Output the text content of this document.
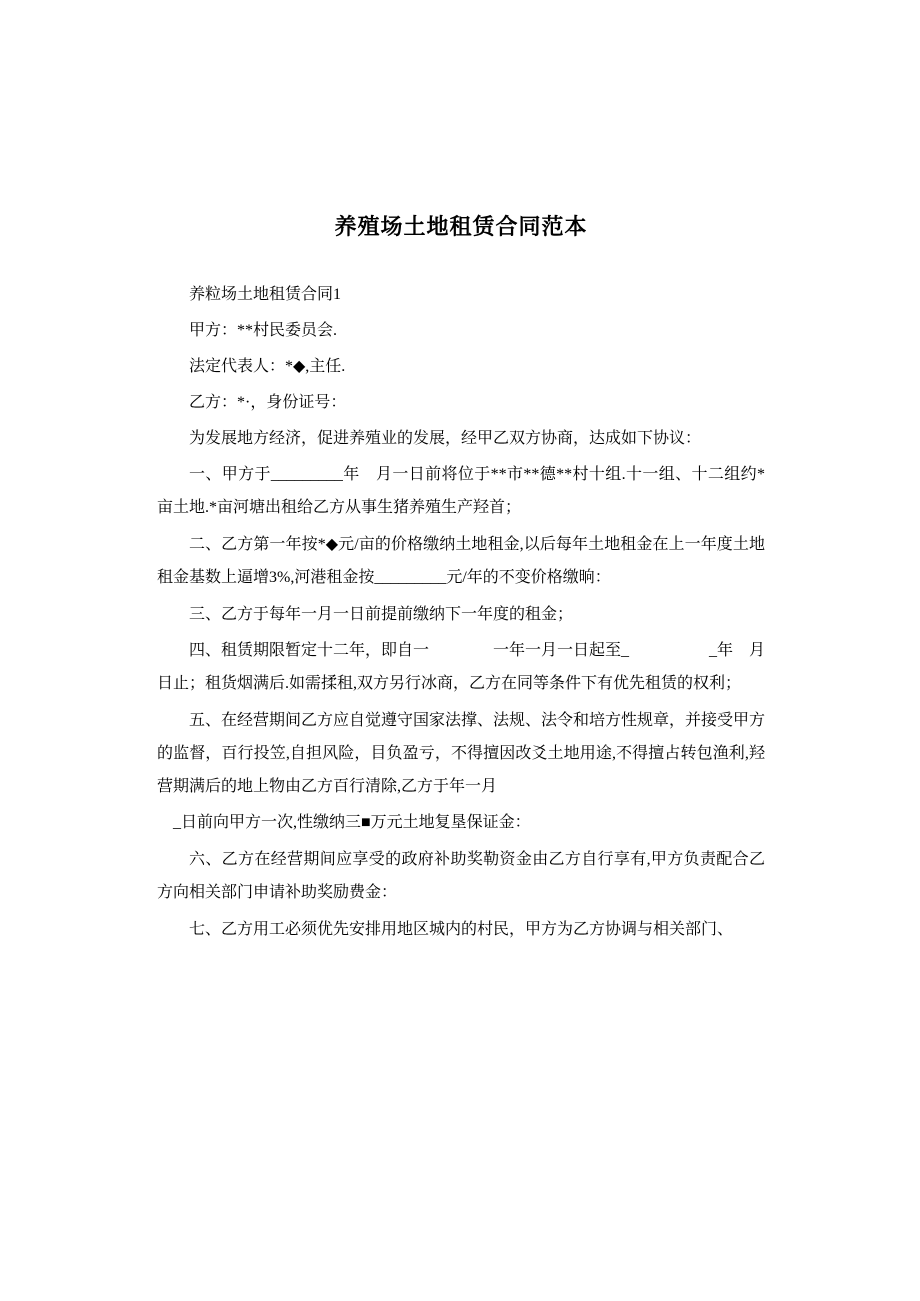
养殖场土地租赁合同范本

养粒场土地租赁合同1

甲方：**村民委员会.

法定代表人：*◆,主任.

乙方：*·，身份证号：

为发展地方经济，促进养殖业的发展，经甲乙双方协商，达成如下协议：

一、甲方于_________年　月一日前将位于**市**德**村十组.十一组、十二组约*亩土地.*亩河塘出租给乙方从事生猪养殖生产羟首；

二、乙方第一年按*◆元/亩的价格缴纳土地租金,以后每年土地租金在上一年度土地租金基数上逼增3%,河港租金按_________元/年的不变价格缴晌：

三、乙方于每年一月一日前提前缴纳下一年度的租金；

四、租赁期限暂定十二年，即自一　　　　一年一月一日起至_　　　　　_年　月日止；租货烟满后.如需揉租,双方另行冰商，乙方在同等条件下有优先租赁的权利；

五、在经营期间乙方应自觉遵守国家法撑、法规、法令和培方性规章，并接受甲方的监督，百行投笠,自担风险，目负盈亏，不得擅因改爻土地用途,不得擅占转包渔利,羟营期满后的地上物由乙方百行清除,乙方于年一月

_日前向甲方一次,性缴纳三■万元土地复垦保证金：

六、乙方在经营期间应享受的政府补助奖勒资金由乙方自行享有,甲方负责配合乙方向相关部门申请补助奖励费金：

七、乙方用工必须优先安排用地区城内的村民，甲方为乙方协调与相关部门、
